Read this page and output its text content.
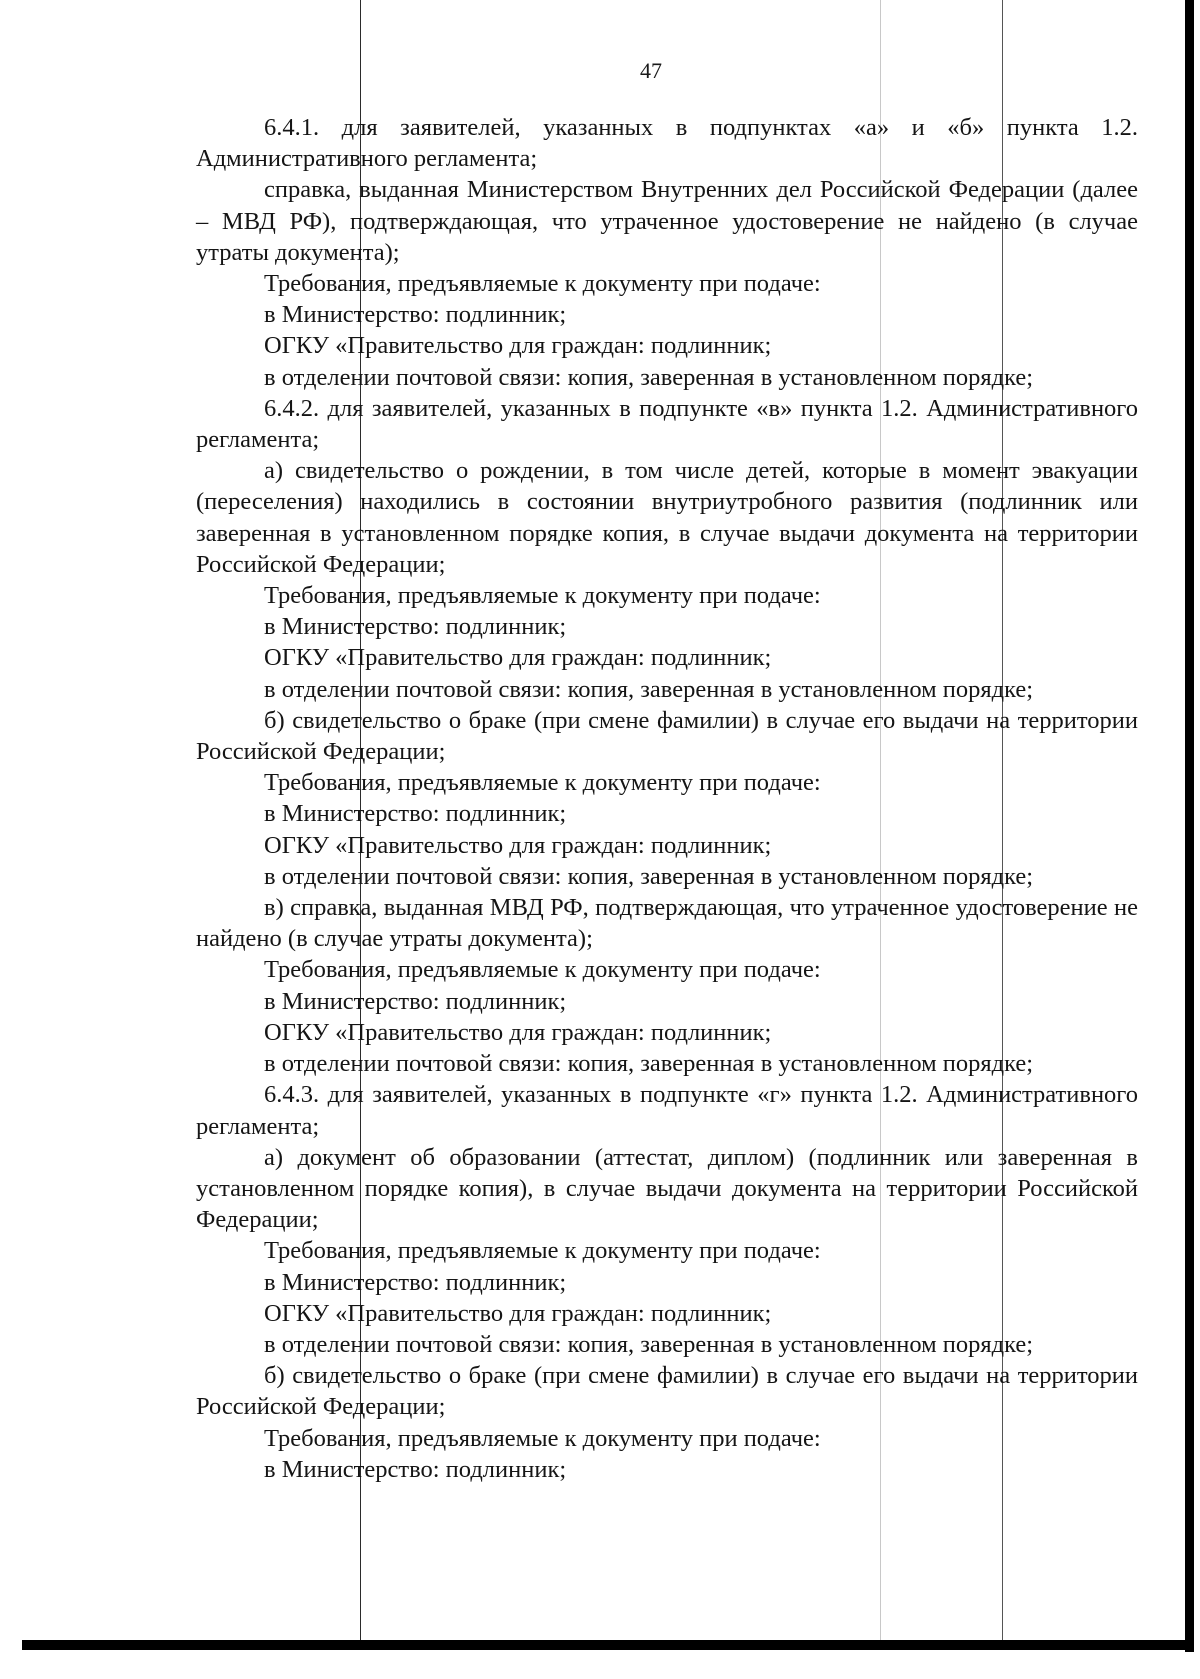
47

6.4.1. для заявителей, указанных в подпунктах «а» и «б» пункта 1.2. Административного регламента;

справка, выданная Министерством Внутренних дел Российской Федерации (далее – МВД РФ), подтверждающая, что утраченное удостоверение не найдено (в случае утраты документа);

Требования, предъявляемые к документу при подаче:

в Министерство: подлинник;

ОГКУ «Правительство для граждан: подлинник;

в отделении почтовой связи: копия, заверенная в установленном порядке;

6.4.2. для заявителей, указанных в подпункте «в» пункта 1.2. Административного регламента;

а) свидетельство о рождении, в том числе детей, которые в момент эвакуации (переселения) находились в состоянии внутриутробного развития (подлинник или заверенная в установленном порядке копия, в случае выдачи документа на территории Российской Федерации;

Требования, предъявляемые к документу при подаче:

в Министерство: подлинник;

ОГКУ «Правительство для граждан: подлинник;

в отделении почтовой связи: копия, заверенная в установленном порядке;

б) свидетельство о браке (при смене фамилии) в случае его выдачи на территории Российской Федерации;

Требования, предъявляемые к документу при подаче:

в Министерство: подлинник;

ОГКУ «Правительство для граждан: подлинник;

в отделении почтовой связи: копия, заверенная в установленном порядке;

в) справка, выданная МВД РФ, подтверждающая, что утраченное удостоверение не найдено (в случае утраты документа);

Требования, предъявляемые к документу при подаче:

в Министерство: подлинник;

ОГКУ «Правительство для граждан: подлинник;

в отделении почтовой связи: копия, заверенная в установленном порядке;

6.4.3. для заявителей, указанных в подпункте «г» пункта 1.2. Административного регламента;

а) документ об образовании (аттестат, диплом) (подлинник или заверенная в установленном порядке копия), в случае выдачи документа на территории Российской Федерации;

Требования, предъявляемые к документу при подаче:

в Министерство: подлинник;

ОГКУ «Правительство для граждан: подлинник;

в отделении почтовой связи: копия, заверенная в установленном порядке;

б) свидетельство о браке (при смене фамилии) в случае его выдачи на территории Российской Федерации;

Требования, предъявляемые к документу при подаче:

в Министерство: подлинник;
